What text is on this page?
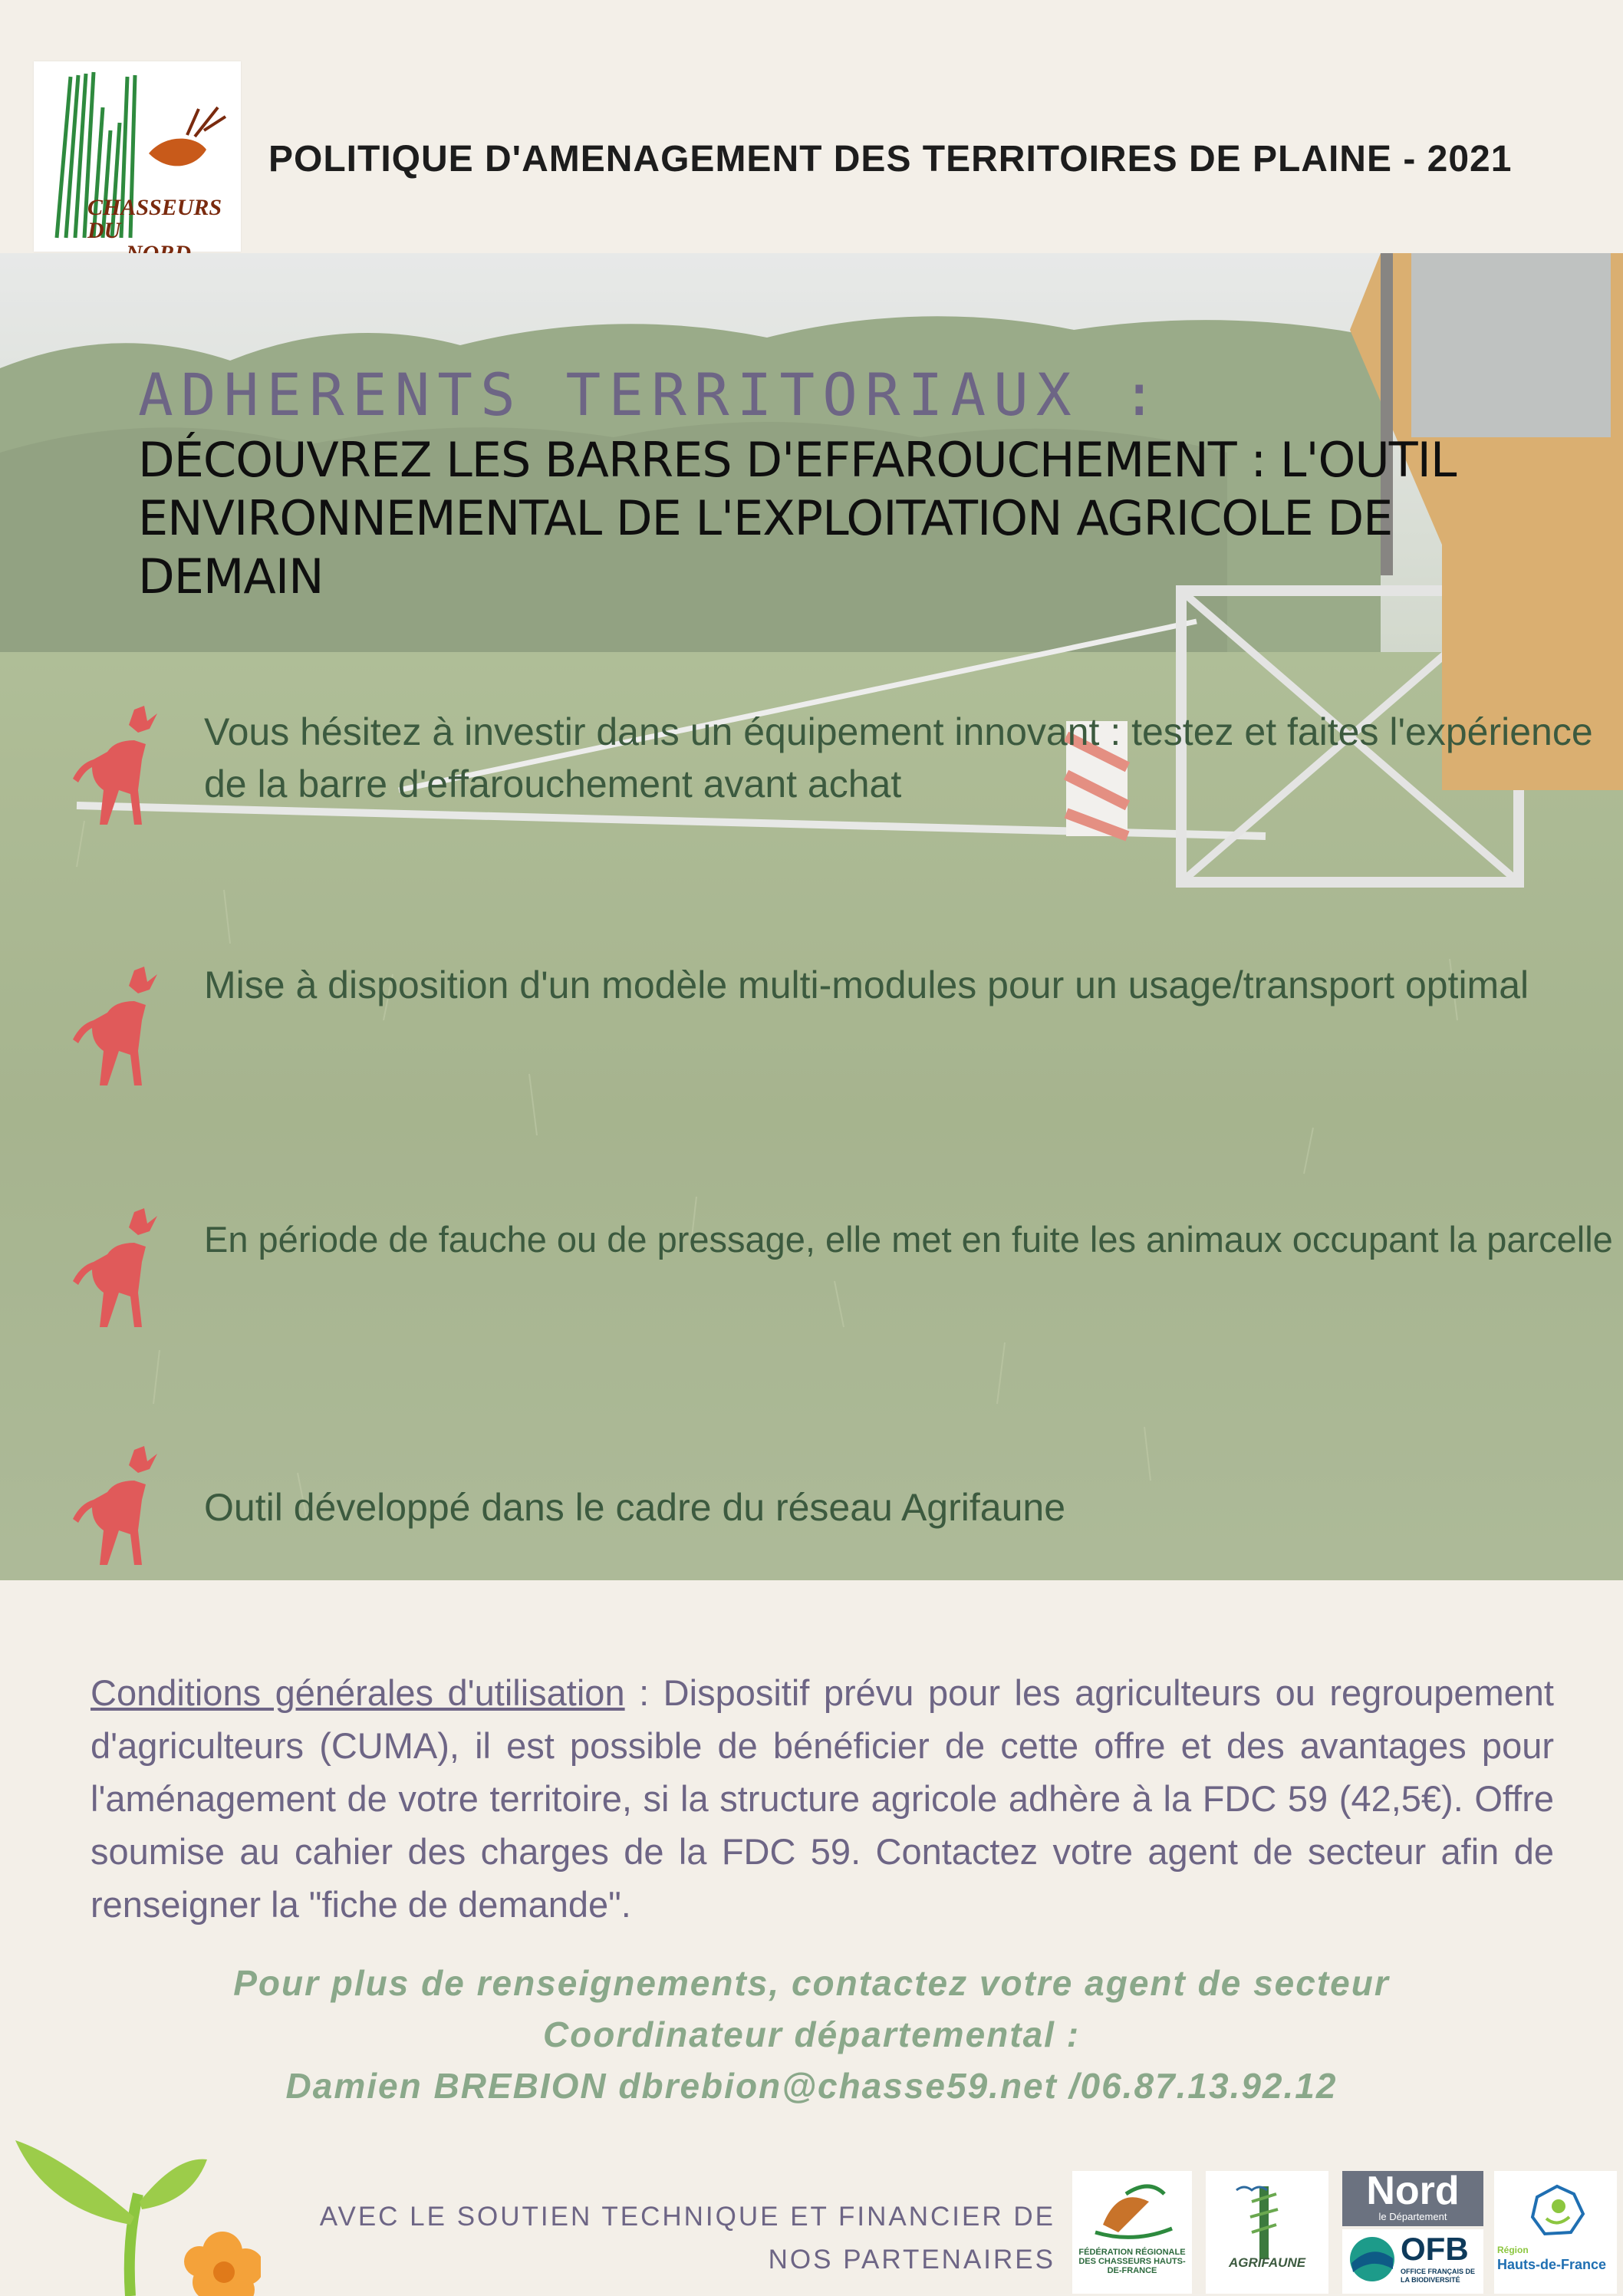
CHASSEURS DU
POLITIQUE D'AMENAGEMENT DES TERRITOIRES DE PLAINE - 2021
ADHERENTS TERRITORIAUX :
DÉCOUVREZ LES BARRES D'EFFAROUCHEMENT : L'OUTIL ENVIRONNEMENTAL DE L'EXPLOITATION AGRICOLE DE DEMAIN
Vous hésitez à investir dans un équipement innovant : testez et faites l'expérience de la barre d'effarouchement avant achat
Mise à disposition d'un modèle multi-modules pour un usage/transport optimal
En période de fauche ou de pressage, elle met en fuite les animaux occupant la parcelle
Outil développé dans le cadre du réseau Agrifaune
Conditions générales d'utilisation : Dispositif prévu pour les agriculteurs ou regroupement d'agriculteurs (CUMA), il est possible de bénéficier de cette offre et des avantages pour l'aménagement de votre territoire, si la structure agricole adhère à la FDC 59 (42,5€). Offre soumise au cahier des charges de la FDC 59. Contactez votre agent de secteur afin de renseigner la "fiche de demande".
Pour plus de renseignements, contactez votre agent de secteur
Coordinateur départemental :
Damien BREBION dbrebion@chasse59.net /06.87.13.92.12
AVEC LE SOUTIEN TECHNIQUE ET FINANCIER DE
NOS PARTENAIRES	FÉDÉRATION RÉGIONALE DES CHASSEURS HAUTS-DE-FRANCE
AGRIFAUNE
Nord
le Département
OFB
OFFICE FRANÇAIS DE LA BIODIVERSITÉ
Région
Hauts-de-France
